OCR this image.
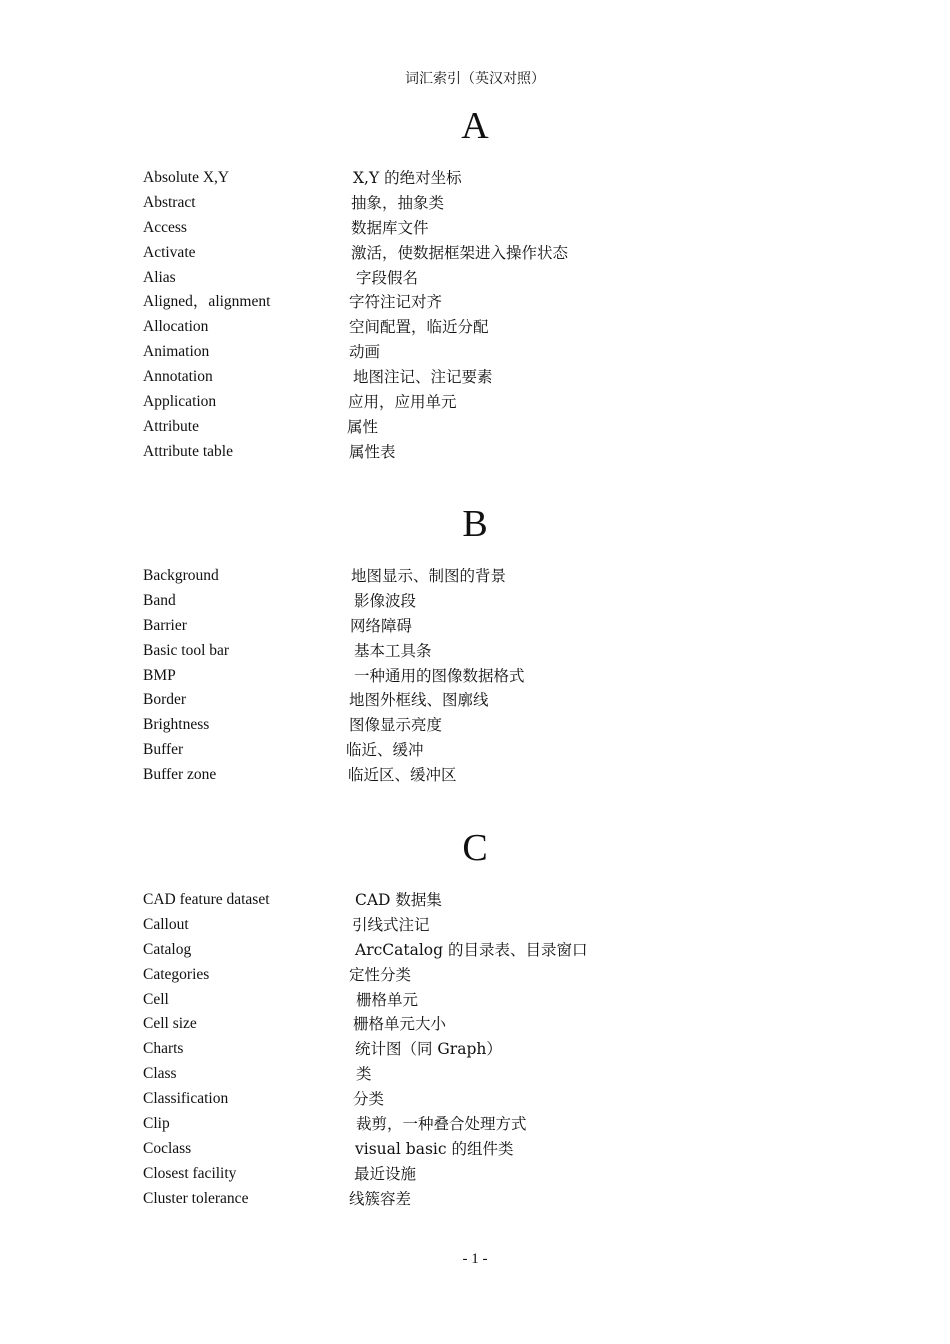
词汇索引（英汉对照）
A
Absolute X,Y	X,Y 的绝对坐标
Abstract	抽象，抽象类
Access	数据库文件
Activate	激活，使数据框架进入操作状态
Alias	字段假名
Aligned，alignment	字符注记对齐
Allocation	空间配置，临近分配
Animation	动画
Annotation	地图注记、注记要素
Application	应用，应用单元
Attribute	属性
Attribute table	属性表
B
Background	地图显示、制图的背景
Band	影像波段
Barrier	网络障碍
Basic tool bar	基本工具条
BMP	一种通用的图像数据格式
Border	地图外框线、图廓线
Brightness	图像显示亮度
Buffer	临近、缓冲
Buffer zone	临近区、缓冲区
C
CAD feature dataset	CAD 数据集
Callout	引线式注记
Catalog	ArcCatalog 的目录表、目录窗口
Categories	定性分类
Cell	栅格单元
Cell size	栅格单元大小
Charts	统计图（同 Graph）
Class	类
Classification	分类
Clip	裁剪，一种叠合处理方式
Coclass	visual basic 的组件类
Closest facility	最近设施
Cluster tolerance	线簇容差
- 1 -
